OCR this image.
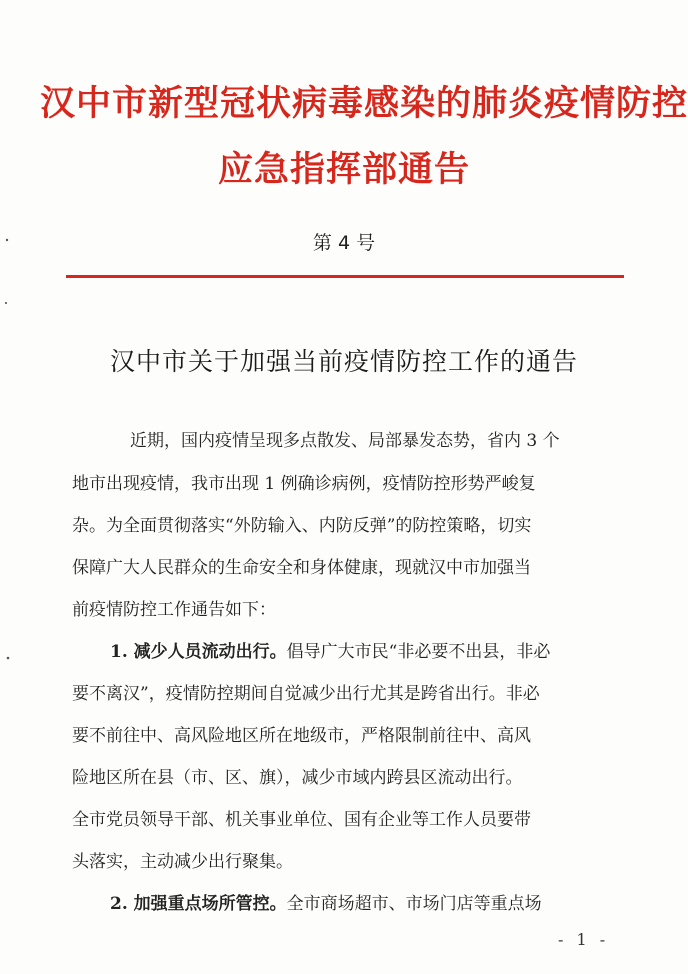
汉中市新型冠状病毒感染的肺炎疫情防控
应急指挥部通告
第 4 号
汉中市关于加强当前疫情防控工作的通告
近期，国内疫情呈现多点散发、局部暴发态势，省内 3 个
地市出现疫情，我市出现 1 例确诊病例，疫情防控形势严峻复
杂。为全面贯彻落实“外防输入、内防反弹”的防控策略，切实
保障广大人民群众的生命安全和身体健康，现就汉中市加强当
前疫情防控工作通告如下：
1. 减少人员流动出行。倡导广大市民“非必要不出县，非必
要不离汉”，疫情防控期间自觉减少出行尤其是跨省出行。非必
要不前往中、高风险地区所在地级市，严格限制前往中、高风
险地区所在县（市、区、旗），减少市域内跨县区流动出行。
全市党员领导干部、机关事业单位、国有企业等工作人员要带
头落实，主动减少出行聚集。
2. 加强重点场所管控。全市商场超市、市场门店等重点场
- 1 -
